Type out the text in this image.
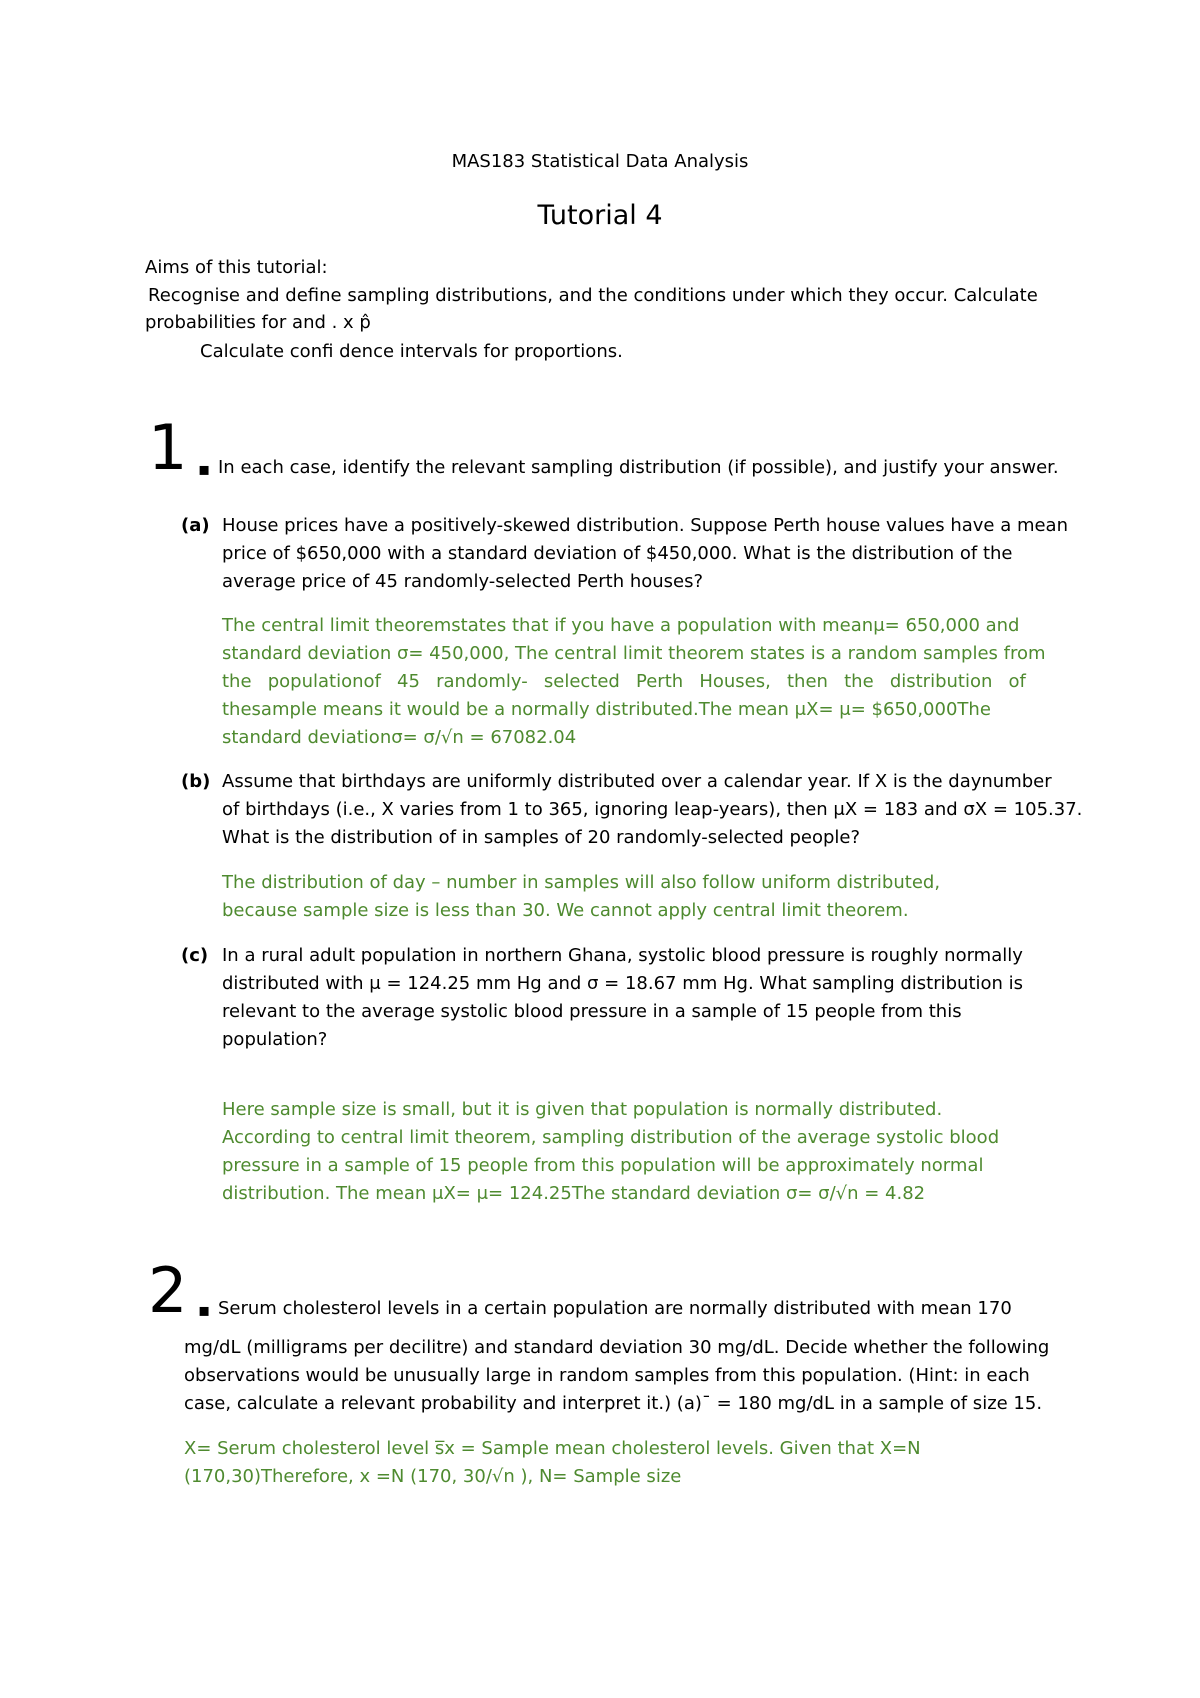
MAS183 Statistical Data Analysis
Tutorial 4
Aims of this tutorial:
Recognise and define sampling distributions, and the conditions under which they occur. Calculate
probabilities for and . x p̂
Calculate confi dence intervals for proportions.
1 ▪ In each case, identify the relevant sampling distribution (if possible), and justify your answer.
(a) House prices have a positively-skewed distribution. Suppose Perth house values have a mean
price of $650,000 with a standard deviation of $450,000. What is the distribution of the
average price of 45 randomly-selected Perth houses?
The central limit theoremstates that if you have a population with meanμ= 650,000 and
standard deviation σ= 450,000, The central limit theorem states is a random samples from
the populationof 45 randomly- selected Perth Houses, then the distribution of
thesample means it would be a normally distributed.The mean μX= μ= $650,000The
standard deviationσ= σ/√n = 67082.04
(b) Assume that birthdays are uniformly distributed over a calendar year. If X is the daynumber
of birthdays (i.e., X varies from 1 to 365, ignoring leap-years), then μX = 183 and σX = 105.37.
What is the distribution of in samples of 20 randomly-selected people?
The distribution of day – number in samples will also follow uniform distributed,
because sample size is less than 30. We cannot apply central limit theorem.
(c) In a rural adult population in northern Ghana, systolic blood pressure is roughly normally
distributed with μ = 124.25 mm Hg and σ = 18.67 mm Hg. What sampling distribution is
relevant to the average systolic blood pressure in a sample of 15 people from this
population?
Here sample size is small, but it is given that population is normally distributed.
According to central limit theorem, sampling distribution of the average systolic blood
pressure in a sample of 15 people from this population will be approximately normal
distribution. The mean μX= μ= 124.25The standard deviation σ= σ/√n = 4.82
2 ▪ Serum cholesterol levels in a certain population are normally distributed with mean 170
mg/dL (milligrams per decilitre) and standard deviation 30 mg/dL. Decide whether the following
observations would be unusually large in random samples from this population. (Hint: in each
case, calculate a relevant probability and interpret it.) (a)¯ = 180 mg/dL in a sample of size 15.
X= Serum cholesterol level s̅x = Sample mean cholesterol levels. Given that X=N
(170,30)Therefore, x =N (170, 30/√n ), N= Sample size
